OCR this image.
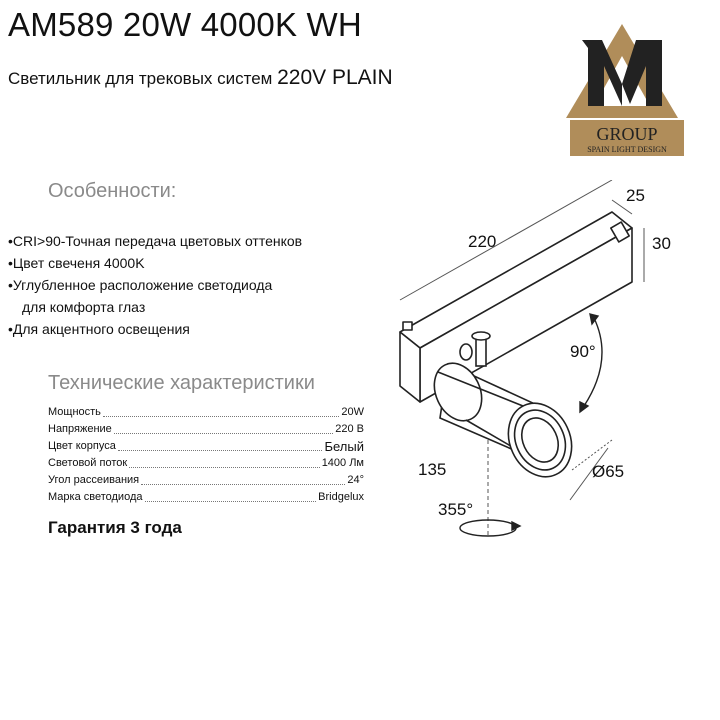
AM589 20W 4000K WH
Светильник для трековых систем 220V PLAIN
GROUP
SPAIN LIGHT DESIGN
Особенности:
•CRI>90-Точная передача цветовых оттенков
•Цвет свеченя 4000K
•Углубленное расположение светодиода
для комфорта глаз
•Для акцентного освещения
Технические характеристики
Мощность	20W
Напряжение	220 В
Цвет корпуса	Белый
Световой поток	1400 Лм
Угол рассеивания	24°
Марка светодиода	Bridgelux
Гарантия 3 года
220
25
30
90°
135	Ø65
355°
